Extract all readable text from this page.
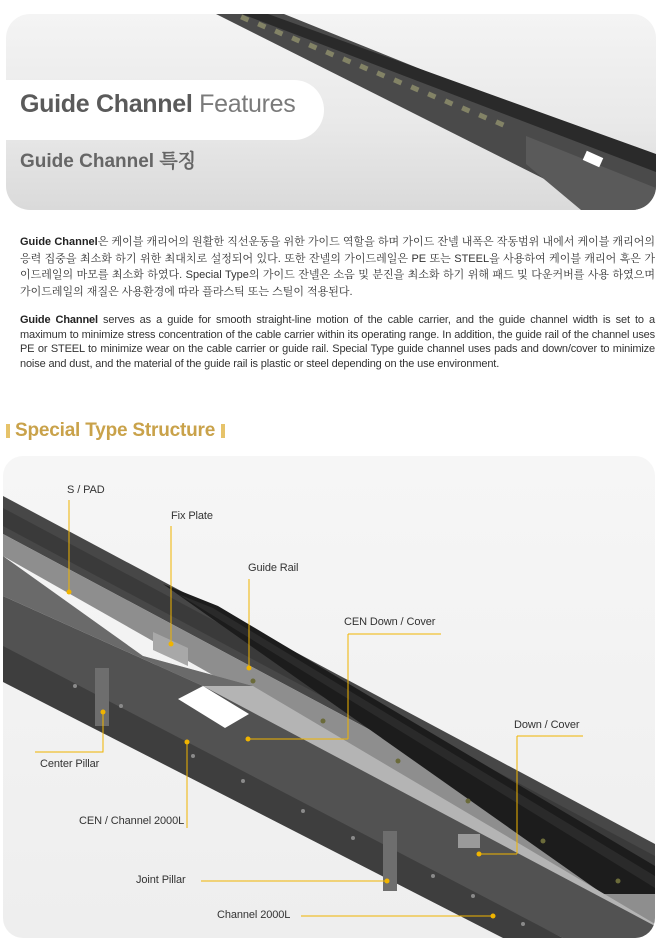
Guide Channel Features
Guide Channel 특징

Guide Channel은 케이블 캐리어의 원활한 직선운동을 위한 가이드 역할을 하며 가이드 잔넬 내폭은 작동범위 내에서 케이블 캐리어의 응력 집중을 최소화 하기 위한 최대치로 설정되어 있다. 또한 잔넬의 가이드레일은 PE 또는 STEEL을 사용하여 케이블 캐리어 혹은 가이드레일의 마모를 최소화 하였다. Special Type의 가이드 잔넬은 소음 및 분진을 최소화 하기 위해 패드 및 다운커버를 사용 하였으며 가이드레일의 재질은 사용환경에 따라 플라스틱 또는 스틸이 적용된다.

Guide Channel serves as a guide for smooth straight-line motion of the cable carrier, and the guide channel width is set to a maximum to minimize stress concentration of the cable carrier within its operating range. In addition, the guide rail of the channel uses PE or STEEL to minimize wear on the cable carrier or guide rail. Special Type guide channel uses pads and down/cover to minimize noise and dust, and the material of the guide rail is plastic or steel depending on the use environment.

Special Type Structure
S / PAD
Fix Plate
Guide Rail
CEN Down / Cover
Down / Cover
Center Pillar
CEN / Channel 2000L
Joint Pillar
Channel 2000L
